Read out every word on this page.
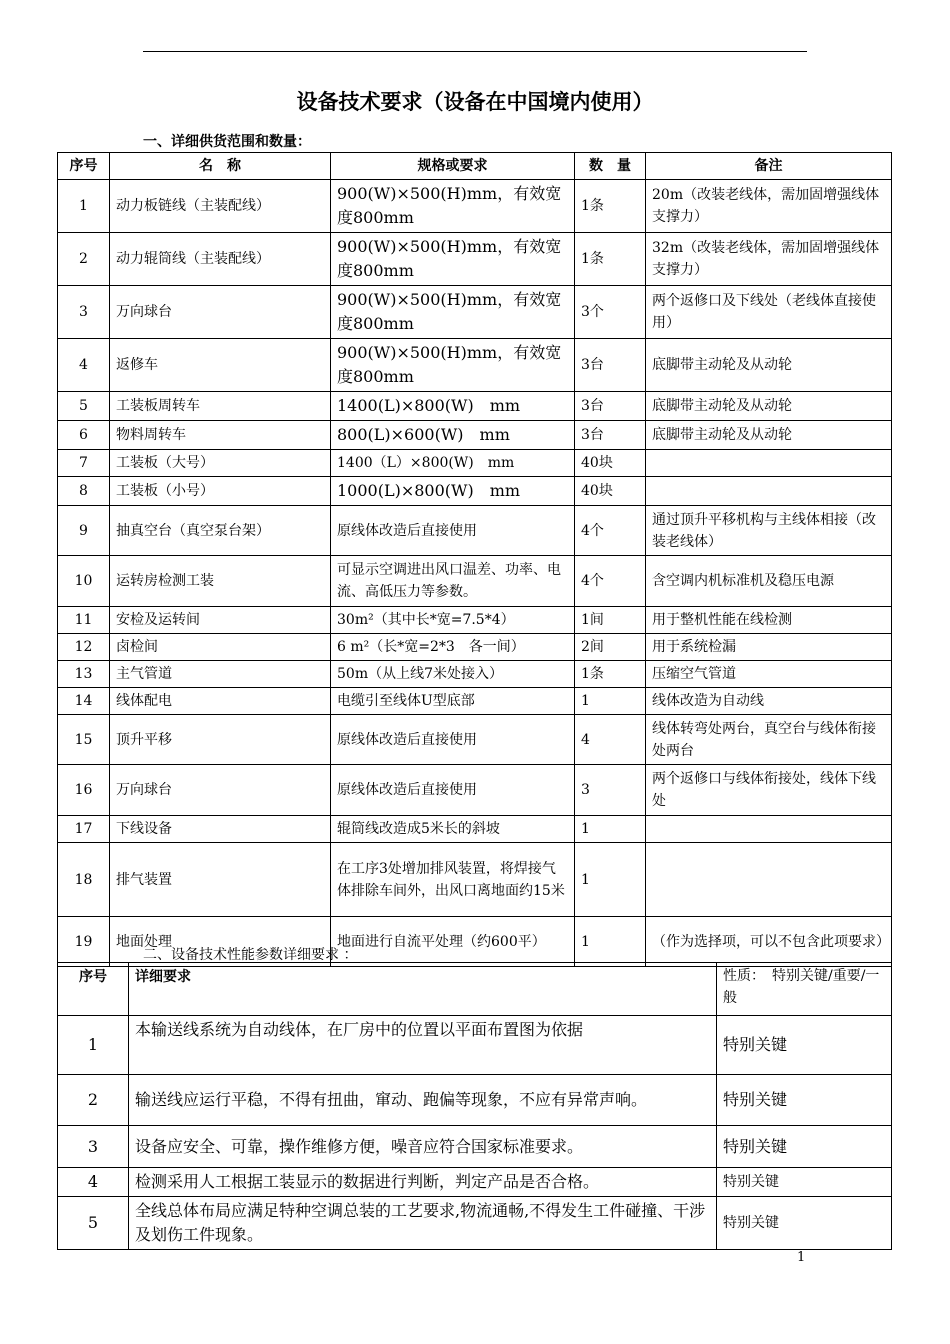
设备技术要求（设备在中国境内使用）
一、详细供货范围和数量：
序号	名　称	规格或要求	数　量	备注
1	动力板链线（主装配线）	900(W)×500(H)mm，有效宽度800mm	1条	20m（改装老线体，需加固增强线体支撑力）
2	动力辊筒线（主装配线）	900(W)×500(H)mm，有效宽度800mm	1条	32m（改装老线体，需加固增强线体支撑力）
3	万向球台	900(W)×500(H)mm，有效宽度800mm	3个	两个返修口及下线处（老线体直接使用）
4	返修车	900(W)×500(H)mm，有效宽度800mm	3台	底脚带主动轮及从动轮
5	工装板周转车	1400(L)×800(W)　mm	3台	底脚带主动轮及从动轮
6	物料周转车	800(L)×600(W)　mm	3台	底脚带主动轮及从动轮
7	工装板（大号）	1400（L）×800(W)　mm	40块	
8	工装板（小号）	1000(L)×800(W)　mm	40块	
9	抽真空台（真空泵台架）	原线体改造后直接使用	4个	通过顶升平移机构与主线体相接（改装老线体）
10	运转房检测工装	可显示空调进出风口温差、功率、电流、高低压力等参数。	4个	含空调内机标准机及稳压电源
11	安检及运转间	30m²（其中长*宽=7.5*4）	1间	用于整机性能在线检测
12	卤检间	6 m²（长*宽=2*3　各一间）	2间	用于系统检漏
13	主气管道	50m（从上线7米处接入）	1条	压缩空气管道
14	线体配电	电缆引至线体U型底部	1	线体改造为自动线
15	顶升平移	原线体改造后直接使用	4	线体转弯处两台，真空台与线体衔接处两台
16	万向球台	原线体改造后直接使用	3	两个返修口与线体衔接处，线体下线处
17	下线设备	辊筒线改造成5米长的斜坡	1	
18	排气装置	在工序3处增加排风装置，将焊接气体排除车间外，出风口离地面约15米	1	
19	地面处理	地面进行自流平处理（约600平）	1	（作为选择项，可以不包含此项要求）
二、设备技术性能参数详细要求 ：
序号	详细要求	性质：　特别关键/重要/一般
1	本输送线系统为自动线体，在厂房中的位置以平面布置图为依据	特别关键
2	输送线应运行平稳，不得有扭曲，窜动、跑偏等现象，不应有异常声响。	特别关键
3	设备应安全、可靠，操作维修方便，噪音应符合国家标准要求。	特别关键
4	检测采用人工根据工装显示的数据进行判断，判定产品是否合格。	特别关键
5	全线总体布局应满足特种空调总装的工艺要求,物流通畅,不得发生工件碰撞、干涉及划伤工件现象。	特别关键
1
